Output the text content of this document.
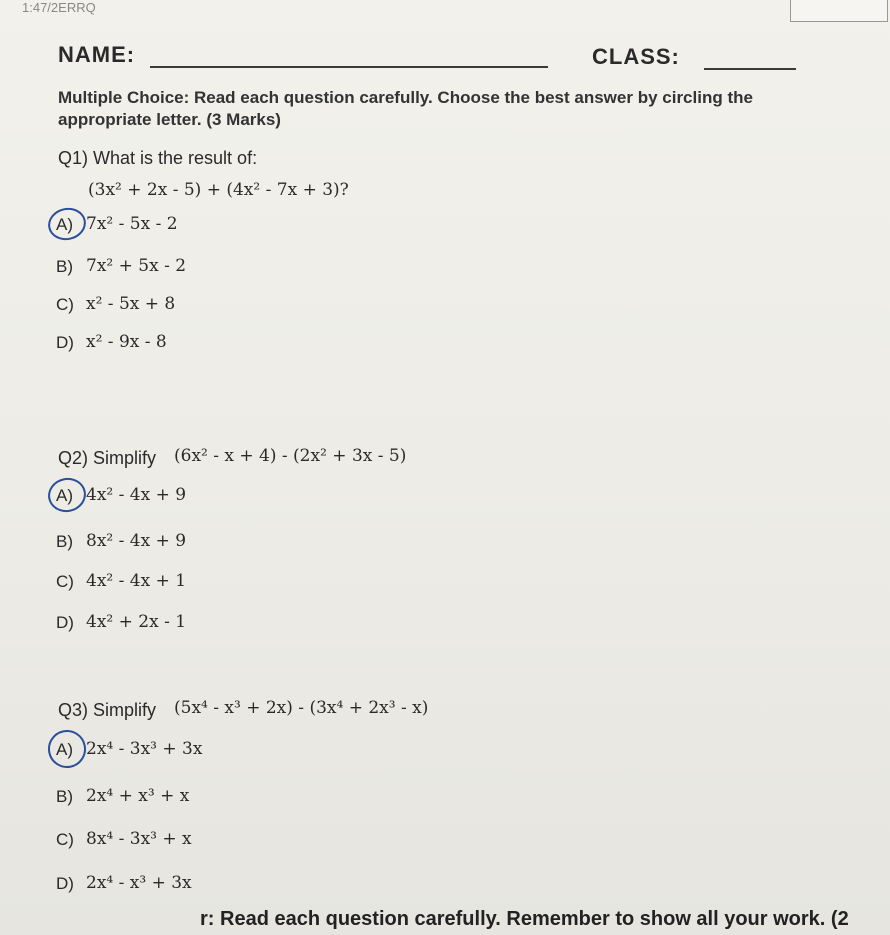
1:47/2ERRQ
NAME:	CLASS:
Multiple Choice: Read each question carefully. Choose the best answer by circling the
appropriate letter. (3 Marks)
Q1) What is the result of:
(3x² + 2x - 5) + (4x² - 7x + 3)?
A) 7x² - 5x - 2
B) 7x² + 5x - 2
C) x² - 5x + 8
D) x² - 9x - 8
Q2) Simplify (6x² - x + 4) - (2x² + 3x - 5)
A) 4x² - 4x + 9
B) 8x² - 4x + 9
C) 4x² - 4x + 1
D) 4x² + 2x - 1
Q3) Simplify (5x⁴ - x³ + 2x) - (3x⁴ + 2x³ - x)
A) 2x⁴ - 3x³ + 3x
B) 2x⁴ + x³ + x
C) 8x⁴ - 3x³ + x
D) 2x⁴ - x³ + 3x
r: Read each question carefully. Remember to show all your work. (2
